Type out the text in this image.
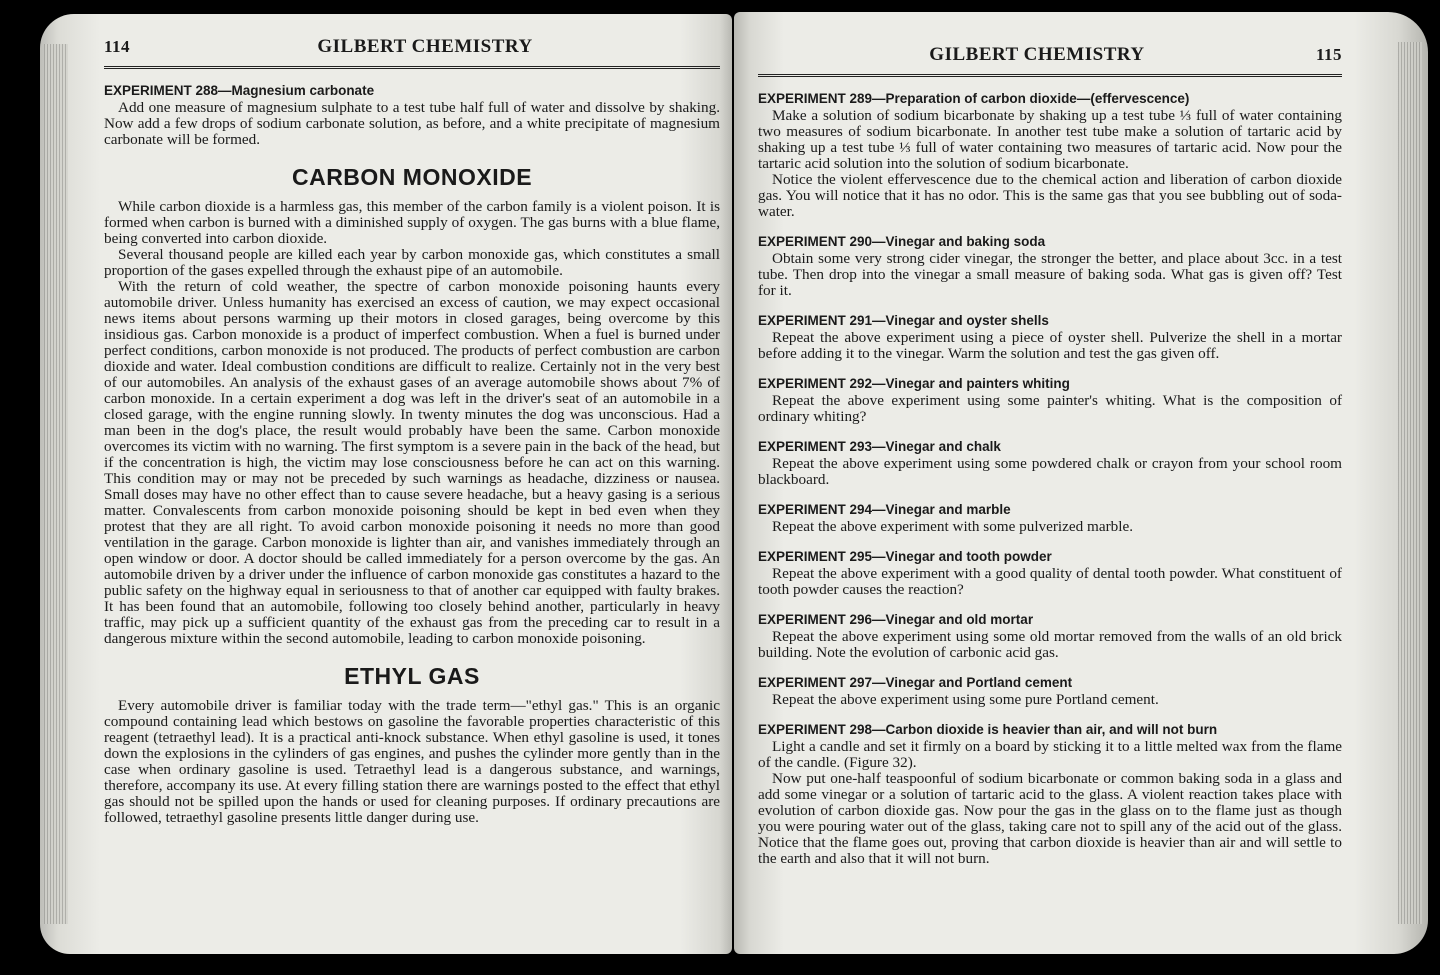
114	GILBERT CHEMISTRY
EXPERIMENT 288—Magnesium carbonate

Add one measure of magnesium sulphate to a test tube half full of water and dissolve by shaking. Now add a few drops of sodium carbonate solution, as before, and a white precipitate of magnesium carbonate will be formed.

CARBON MONOXIDE

While carbon dioxide is a harmless gas, this member of the carbon family is a violent poison. It is formed when carbon is burned with a diminished supply of oxygen. The gas burns with a blue flame, being converted into carbon dioxide.

Several thousand people are killed each year by carbon monoxide gas, which constitutes a small proportion of the gases expelled through the exhaust pipe of an automobile.

With the return of cold weather, the spectre of carbon monoxide poisoning haunts every automobile driver. Unless humanity has exercised an excess of caution, we may expect occasional news items about persons warming up their motors in closed garages, being overcome by this insidious gas. Carbon monoxide is a product of imperfect combustion. When a fuel is burned under perfect conditions, carbon monoxide is not produced. The products of perfect combustion are carbon dioxide and water. Ideal combustion conditions are difficult to realize. Certainly not in the very best of our automobiles. An analysis of the exhaust gases of an average automobile shows about 7% of carbon monoxide. In a certain experiment a dog was left in the driver's seat of an automobile in a closed garage, with the engine running slowly. In twenty minutes the dog was unconscious. Had a man been in the dog's place, the result would probably have been the same. Carbon monoxide overcomes its victim with no warning. The first symptom is a severe pain in the back of the head, but if the concentration is high, the victim may lose consciousness before he can act on this warning. This condition may or may not be preceded by such warnings as headache, dizziness or nausea. Small doses may have no other effect than to cause severe headache, but a heavy gasing is a serious matter. Convalescents from carbon monoxide poisoning should be kept in bed even when they protest that they are all right. To avoid carbon monoxide poisoning it needs no more than good ventilation in the garage. Carbon monoxide is lighter than air, and vanishes immediately through an open window or door. A doctor should be called immediately for a person overcome by the gas. An automobile driven by a driver under the influence of carbon monoxide gas constitutes a hazard to the public safety on the highway equal in seriousness to that of another car equipped with faulty brakes. It has been found that an automobile, following too closely behind another, particularly in heavy traffic, may pick up a sufficient quantity of the exhaust gas from the preceding car to result in a dangerous mixture within the second automobile, leading to carbon monoxide poisoning.

ETHYL GAS

Every automobile driver is familiar today with the trade term—"ethyl gas." This is an organic compound containing lead which bestows on gasoline the favorable properties characteristic of this reagent (tetraethyl lead). It is a practical anti-knock substance. When ethyl gasoline is used, it tones down the explosions in the cylinders of gas engines, and pushes the cylinder more gently than in the case when ordinary gasoline is used. Tetraethyl lead is a dangerous substance, and warnings, therefore, accompany its use. At every filling station there are warnings posted to the effect that ethyl gas should not be spilled upon the hands or used for cleaning purposes. If ordinary precautions are followed, tetraethyl gasoline presents little danger during use.

GILBERT CHEMISTRY	115
EXPERIMENT 289—Preparation of carbon dioxide—(effervescence)

Make a solution of sodium bicarbonate by shaking up a test tube ⅓ full of water containing two measures of sodium bicarbonate. In another test tube make a solution of tartaric acid by shaking up a test tube ⅓ full of water containing two measures of tartaric acid. Now pour the tartaric acid solution into the solution of sodium bicarbonate.

Notice the violent effervescence due to the chemical action and liberation of carbon dioxide gas. You will notice that it has no odor. This is the same gas that you see bubbling out of soda-water.

EXPERIMENT 290—Vinegar and baking soda

Obtain some very strong cider vinegar, the stronger the better, and place about 3cc. in a test tube. Then drop into the vinegar a small measure of baking soda. What gas is given off? Test for it.

EXPERIMENT 291—Vinegar and oyster shells

Repeat the above experiment using a piece of oyster shell. Pulverize the shell in a mortar before adding it to the vinegar. Warm the solution and test the gas given off.

EXPERIMENT 292—Vinegar and painters whiting

Repeat the above experiment using some painter's whiting. What is the composition of ordinary whiting?

EXPERIMENT 293—Vinegar and chalk

Repeat the above experiment using some powdered chalk or crayon from your school room blackboard.

EXPERIMENT 294—Vinegar and marble

Repeat the above experiment with some pulverized marble.

EXPERIMENT 295—Vinegar and tooth powder

Repeat the above experiment with a good quality of dental tooth powder. What constituent of tooth powder causes the reaction?

EXPERIMENT 296—Vinegar and old mortar

Repeat the above experiment using some old mortar removed from the walls of an old brick building. Note the evolution of carbonic acid gas.

EXPERIMENT 297—Vinegar and Portland cement

Repeat the above experiment using some pure Portland cement.

EXPERIMENT 298—Carbon dioxide is heavier than air, and will not burn

Light a candle and set it firmly on a board by sticking it to a little melted wax from the flame of the candle. (Figure 32).

Now put one-half teaspoonful of sodium bicarbonate or common baking soda in a glass and add some vinegar or a solution of tartaric acid to the glass. A violent reaction takes place with evolution of carbon dioxide gas. Now pour the gas in the glass on to the flame just as though you were pouring water out of the glass, taking care not to spill any of the acid out of the glass. Notice that the flame goes out, proving that carbon dioxide is heavier than air and will settle to the earth and also that it will not burn.
